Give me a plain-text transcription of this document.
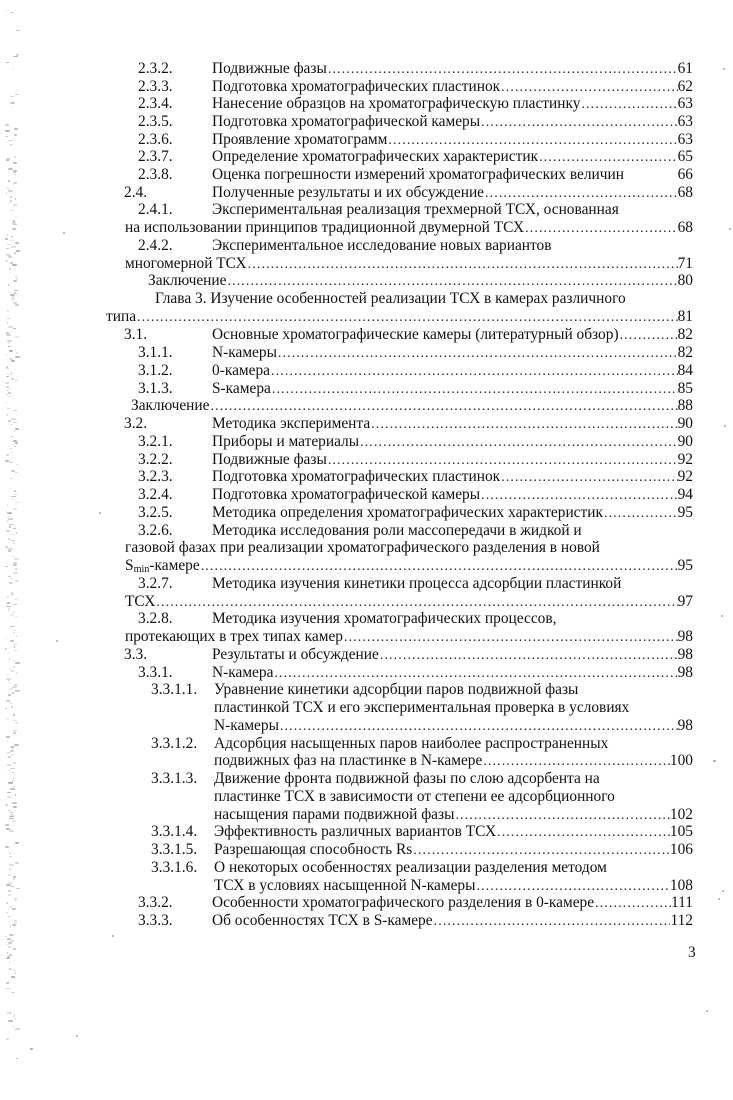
2.3.2.	Подвижные фазы .....	61
2.3.3.	Подготовка хроматографических пластинок .....	62
2.3.4.	Нанесение образцов на хроматографическую пластинку .....	63
2.3.5.	Подготовка хроматографической камеры .....	63
2.3.6.	Проявление хроматограмм .....	63
2.3.7.	Определение хроматографических характеристик .....	65
2.3.8.	Оценка погрешности измерений хроматографических величин	66
2.4.	Полученные результаты и их обсуждение .....	68
2.4.1.	Экспериментальная реализация трехмерной ТСХ, основанная
на использовании принципов традиционной двумерной ТСХ .....	68
2.4.2.	Экспериментальное исследование новых вариантов
многомерной ТСХ .....	71
Заключение .....	80
Глава 3. Изучение особенностей реализации ТСХ в камерах различного
типа .....	81
3.1.	Основные хроматографические камеры (литературный обзор) .....	82
3.1.1.	N-камеры .....	82
3.1.2.	0-камера .....	84
3.1.3.	S-камера .....	85
Заключение .....	88
3.2.	Методика эксперимента .....	90
3.2.1.	Приборы и материалы .....	90
3.2.2.	Подвижные фазы .....	92
3.2.3.	Подготовка хроматографических пластинок .....	92
3.2.4.	Подготовка хроматографической камеры .....	94
3.2.5.	Методика определения хроматографических характеристик .....	95
3.2.6.	Методика исследования роли массопередачи в жидкой и
газовой фазах при реализации хроматографического разделения в новой
$S_{min}$-камере .....	95
3.2.7.	Методика изучения кинетики процесса адсорбции пластинкой
ТСХ .....	97
3.2.8.	Методика изучения хроматографических процессов,
протекающих в трех типах камер .....	98
3.3.	Результаты и обсуждение .....	98
3.3.1.	N-камера .....	98
3.3.1.1. Уравнение кинетики адсорбции паров подвижной фазы
пластинкой ТСХ и его экспериментальная проверка в условиях
N-камеры .....	98
3.3.1.2. Адсорбция насыщенных паров наиболее распространенных
подвижных фаз на пластинке в N-камере .....	100
3.3.1.3. Движение фронта подвижной фазы по слою адсорбента на
пластинке ТСХ в зависимости от степени ее адсорбционного
насыщения парами подвижной фазы .....	102
3.3.1.4. Эффективность различных вариантов ТСХ .....	105
3.3.1.5. Разрешающая способность Rs .....	106
3.3.1.6. О некоторых особенностях реализации разделения методом
ТСХ в условиях насыщенной N-камеры .....	108
3.3.2.	Особенности хроматографического разделения в 0-камере .....	111
3.3.3.	Об особенностях ТСХ в S-камере .....	112
3
